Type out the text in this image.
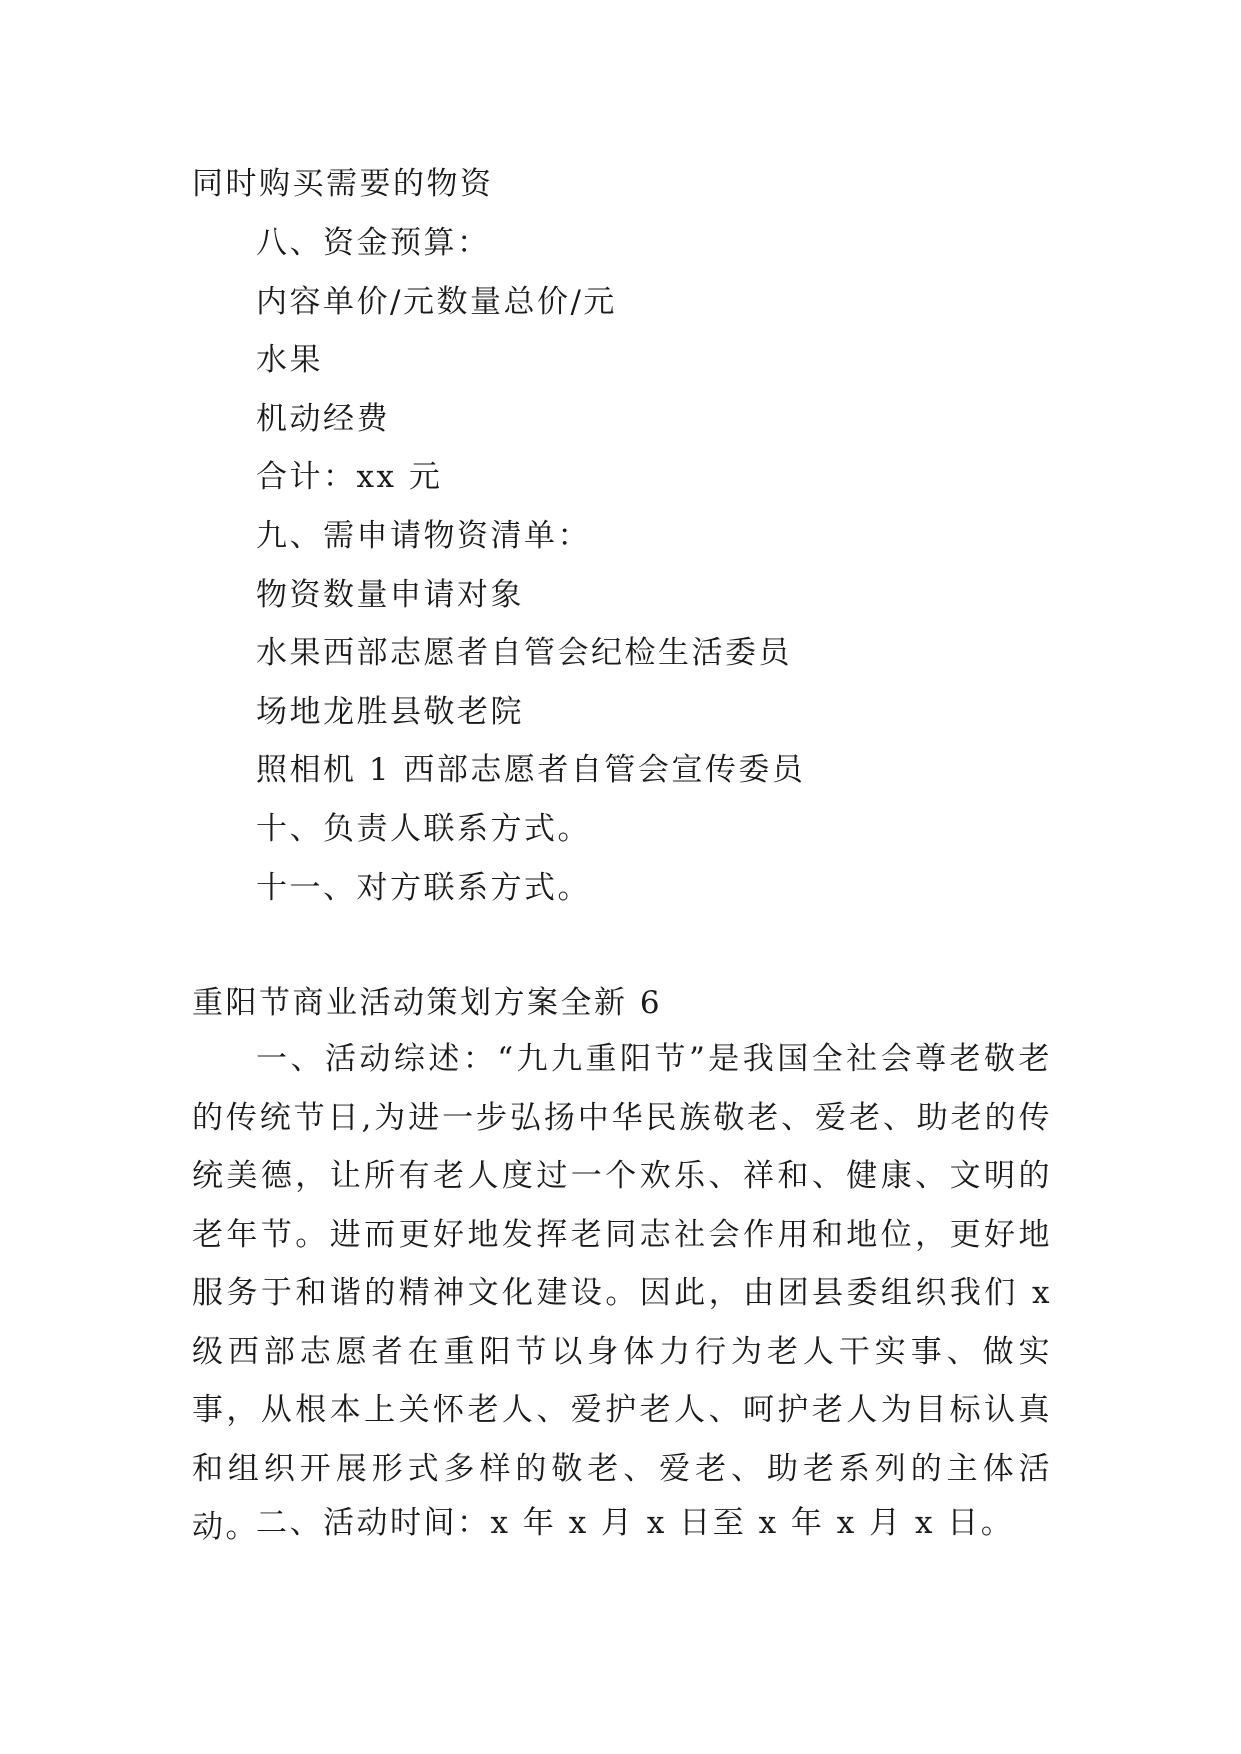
同时购买需要的物资
八、资金预算：
内容单价/元数量总价/元
水果
机动经费
合计：xx 元
九、需申请物资清单：
物资数量申请对象
水果西部志愿者自管会纪检生活委员
场地龙胜县敬老院
照相机 1 西部志愿者自管会宣传委员
十、负责人联系方式。
十一、对方联系方式。
重阳节商业活动策划方案全新 6

一、活动综述：“九九重阳节”是我国全社会尊老敬老的传统节日,为进一步弘扬中华民族敬老、爱老、助老的传统美德，让所有老人度过一个欢乐、祥和、健康、文明的老年节。进而更好地发挥老同志社会作用和地位，更好地服务于和谐的精神文化建设。因此，由团县委组织我们 x 级西部志愿者在重阳节以身体力行为老人干实事、做实事，从根本上关怀老人、爱护老人、呵护老人为目标认真和组织开展形式多样的敬老、爱老、助老系列的主体活动。

二、活动时间：x 年 x 月 x 日至 x 年 x 月 x 日。
